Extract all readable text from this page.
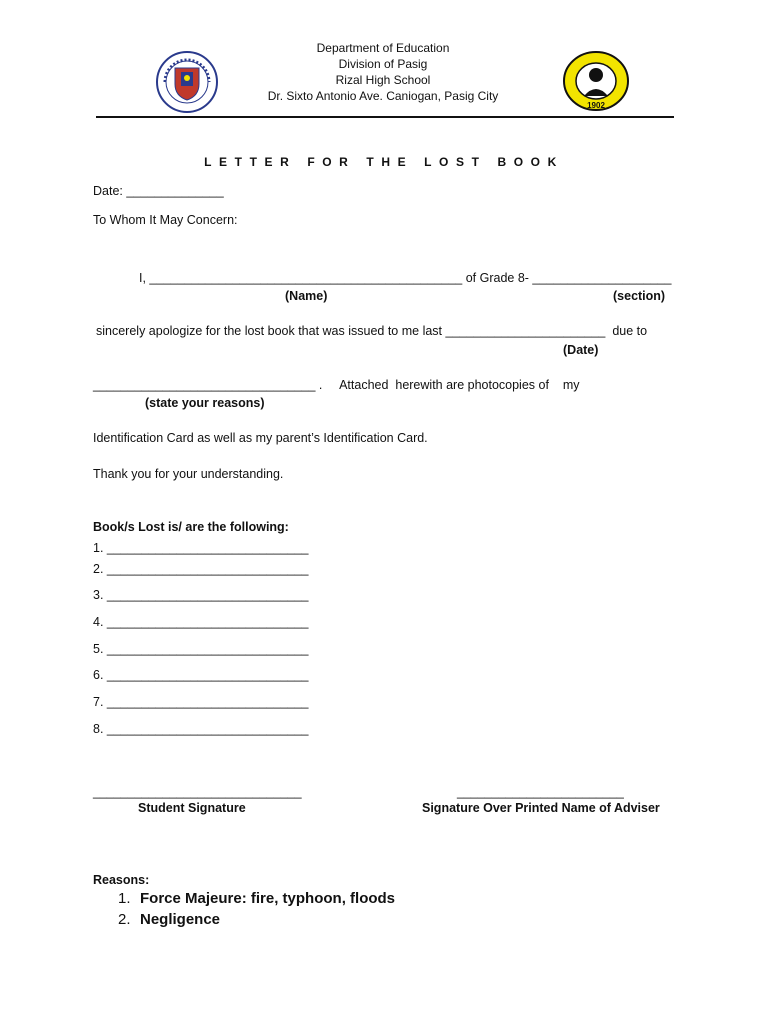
1902
Department of Education
Division of Pasig
Rizal High School
Dr. Sixto Antonio Ave. Caniogan, Pasig City
LETTER FOR THE LOST BOOK
Date: ______________
To Whom It May Concern:
I, _____________________________________________ of Grade 8- ____________________
(Name)	(section)
sincerely apologize for the lost book that was issued to me last _______________________  due to
(Date)
________________________________ .     Attached  herewith are photocopies of    my
(state your reasons)
Identification Card as well as my parent’s Identification Card.
Thank you for your understanding.
Book/s Lost is/ are the following:
1. _____________________________
2. _____________________________
3. _____________________________
4. _____________________________
5. _____________________________
6. _____________________________
7. _____________________________
8. _____________________________
______________________________
Student Signature
________________________
Signature Over Printed Name of Adviser
Reasons:
1. Force Majeure: fire, typhoon, floods
2. Negligence
